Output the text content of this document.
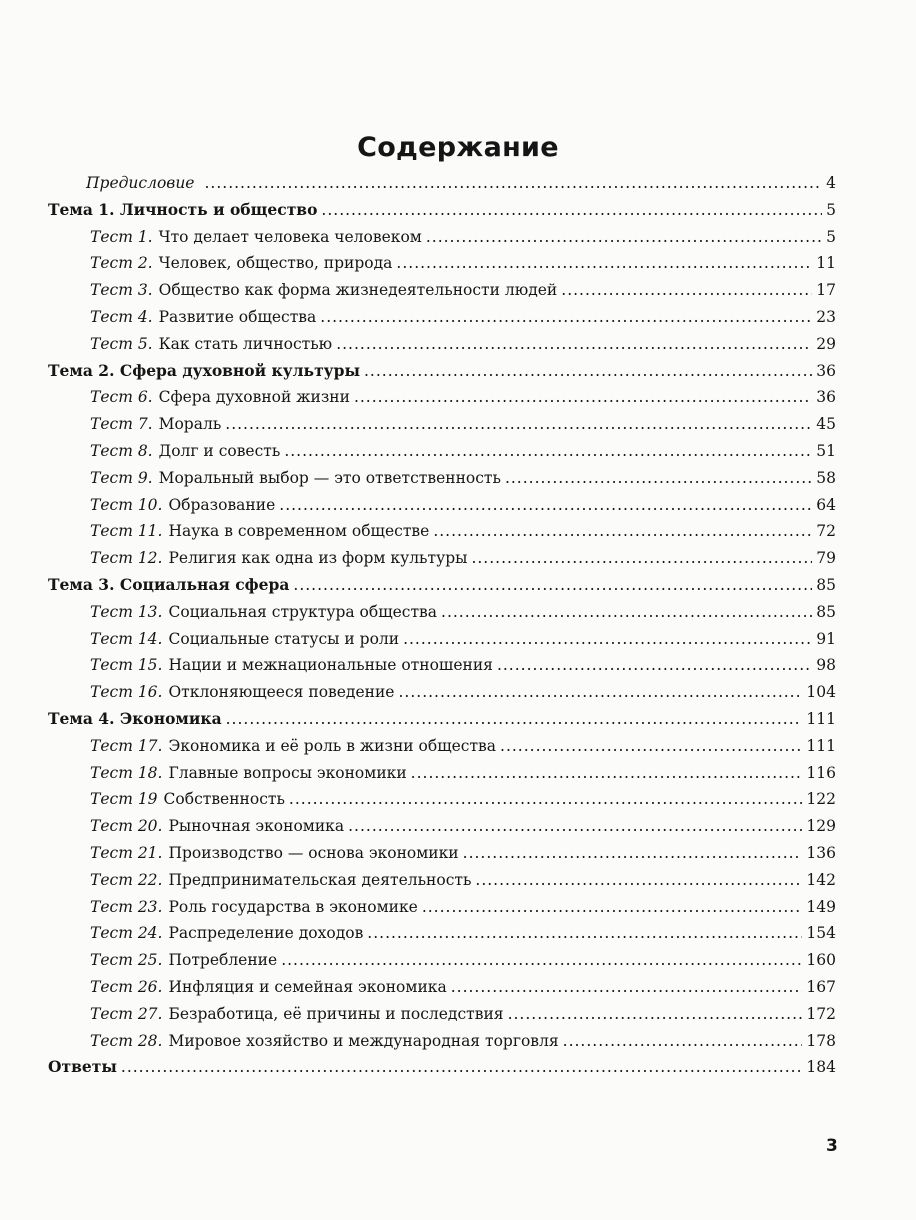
Содержание
Предисловие .....	4
Тема 1. Личность и общество .....	5
Тест 1. Что делает человека человеком .....	5
Тест 2. Человек, общество, природа .....	11
Тест 3. Общество как форма жизнедеятельности людей .....	17
Тест 4. Развитие общества .....	23
Тест 5. Как стать личностью .....	29
Тема 2. Сфера духовной культуры .....	36
Тест 6. Сфера духовной жизни .....	36
Тест 7. Мораль .....	45
Тест 8. Долг и совесть .....	51
Тест 9. Моральный выбор — это ответственность .....	58
Тест 10. Образование .....	64
Тест 11. Наука в современном обществе .....	72
Тест 12. Религия как одна из форм культуры .....	79
Тема 3. Социальная сфера .....	85
Тест 13. Социальная структура общества .....	85
Тест 14. Социальные статусы и роли .....	91
Тест 15. Нации и межнациональные отношения .....	98
Тест 16. Отклоняющееся поведение .....	104
Тема 4. Экономика .....	111
Тест 17. Экономика и её роль в жизни общества .....	111
Тест 18. Главные вопросы экономики .....	116
Тест 19 Собственность .....	122
Тест 20. Рыночная экономика .....	129
Тест 21. Производство — основа экономики .....	136
Тест 22. Предпринимательская деятельность .....	142
Тест 23. Роль государства в экономике .....	149
Тест 24. Распределение доходов .....	154
Тест 25. Потребление .....	160
Тест 26. Инфляция и семейная экономика .....	167
Тест 27. Безработица, её причины и последствия .....	172
Тест 28. Мировое хозяйство и международная торговля .....	178
Ответы .....	184
3
